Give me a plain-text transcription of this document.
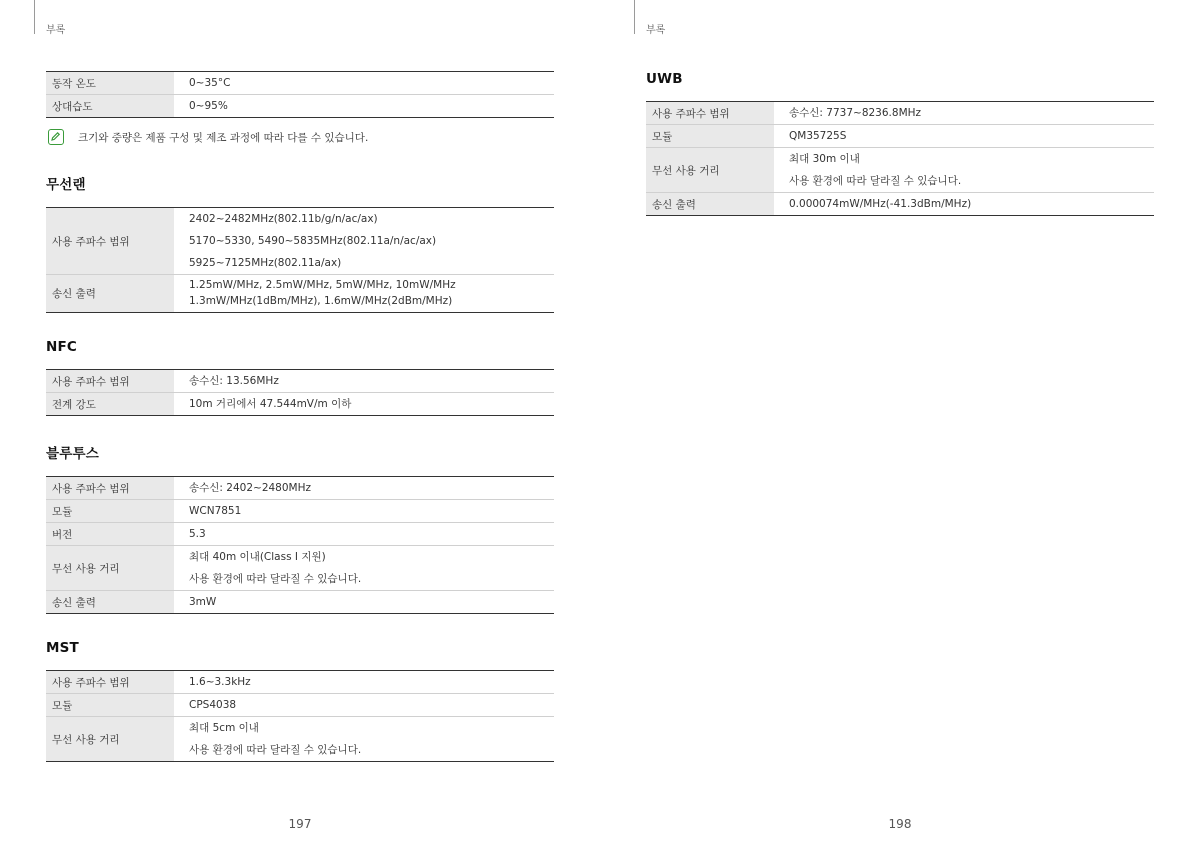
부록
동작 온도	0~35°C

상대습도	0~95%
크기와 중량은 제품 구성 및 제조 과정에 따라 다를 수 있습니다.
무선랜
사용 주파수 범위	2402~2482MHz(802.11b/g/n/ac/ax)
5170~5330, 5490~5835MHz(802.11a/n/ac/ax)
5925~7125MHz(802.11a/ax)

송신 출력	1.25mW/MHz, 2.5mW/MHz, 5mW/MHz, 10mW/MHz
1.3mW/MHz(1dBm/MHz), 1.6mW/MHz(2dBm/MHz)
NFC
사용 주파수 범위	송수신: 13.56MHz

전계 강도	10m 거리에서 47.544mV/m 이하
블루투스
사용 주파수 범위	송수신: 2402~2480MHz

모듈	WCN7851

버전	5.3

무선 사용 거리	최대 40m 이내(Class I 지원)
사용 환경에 따라 달라질 수 있습니다.

송신 출력	3mW
MST
사용 주파수 범위	1.6~3.3kHz

모듈	CPS4038

무선 사용 거리	최대 5cm 이내
사용 환경에 따라 달라질 수 있습니다.
197
부록
UWB
사용 주파수 범위	송수신: 7737~8236.8MHz

모듈	QM35725S

무선 사용 거리	최대 30m 이내
사용 환경에 따라 달라질 수 있습니다.

송신 출력	0.000074mW/MHz(-41.3dBm/MHz)
198
